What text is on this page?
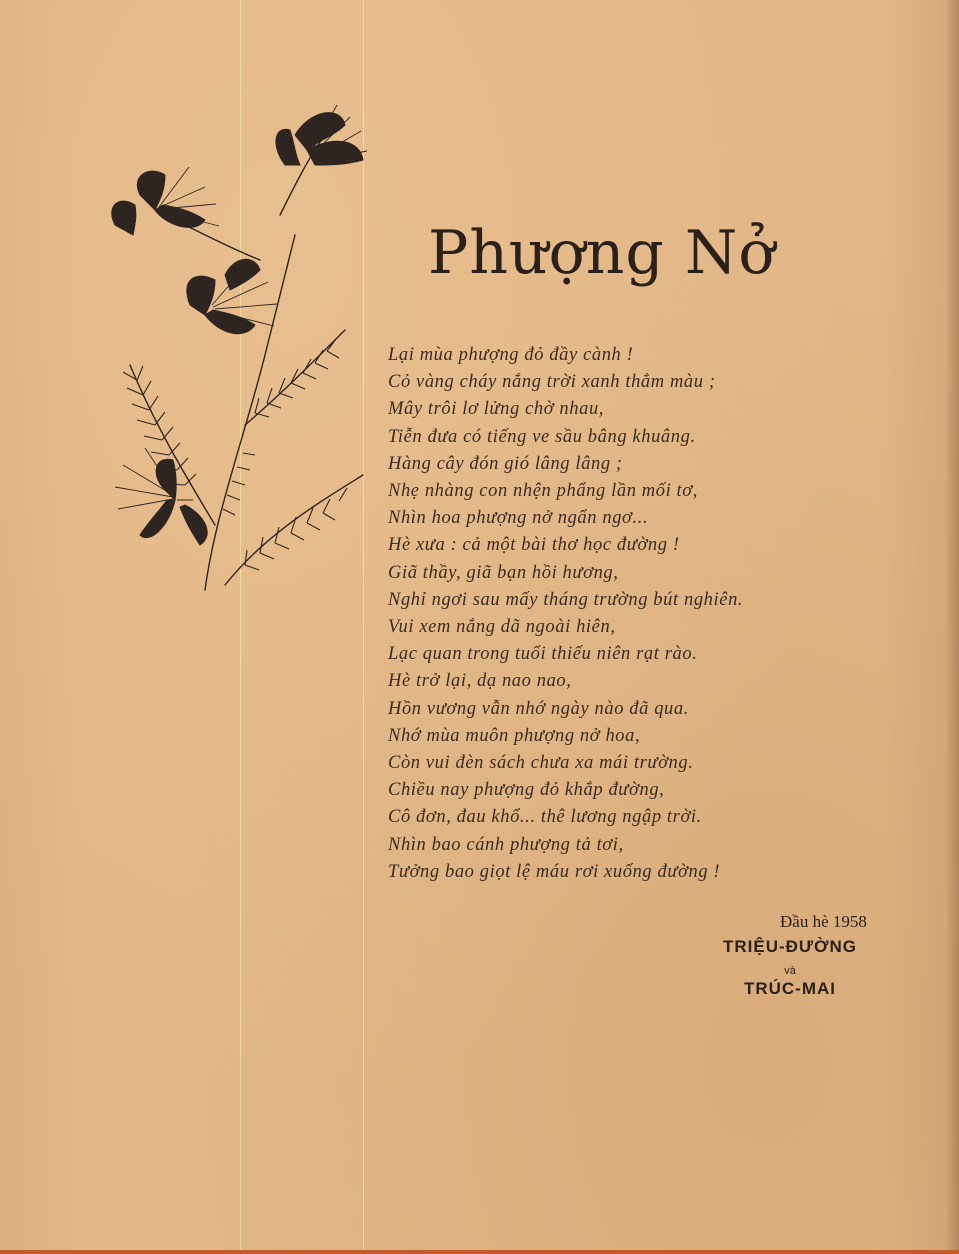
Phượng Nở
Lại mùa phượng đỏ đầy cành !
Cỏ vàng cháy nắng trời xanh thẳm màu ;
Mây trôi lơ lửng chờ nhau,
Tiễn đưa có tiếng ve sầu bâng khuâng.
Hàng cây đón gió lâng lâng ;
Nhẹ nhàng con nhện phẩng lần mối tơ,
Nhìn hoa phượng nở ngẩn ngơ...
Hè xưa : cả một bài thơ học đường !
Giã thầy, giã bạn hồi hương,
Nghỉ ngơi sau mấy tháng trường bút nghiên.
Vui xem nắng dã ngoài hiên,
Lạc quan trong tuổi thiếu niên rạt rào.
Hè trở lại, dạ nao nao,
Hồn vương vẫn nhớ ngày nào đã qua.
Nhớ mùa muôn phượng nở hoa,
Còn vui đèn sách chưa xa mái trường.
Chiều nay phượng đỏ khắp đường,
Cô đơn, đau khổ... thê lương ngập trời.
Nhìn bao cánh phượng tả tơi,
Tưởng bao giọt lệ máu rơi xuống đường !
Đầu hè 1958
TRIỆU-ĐƯỜNG
và
TRÚC-MAI
